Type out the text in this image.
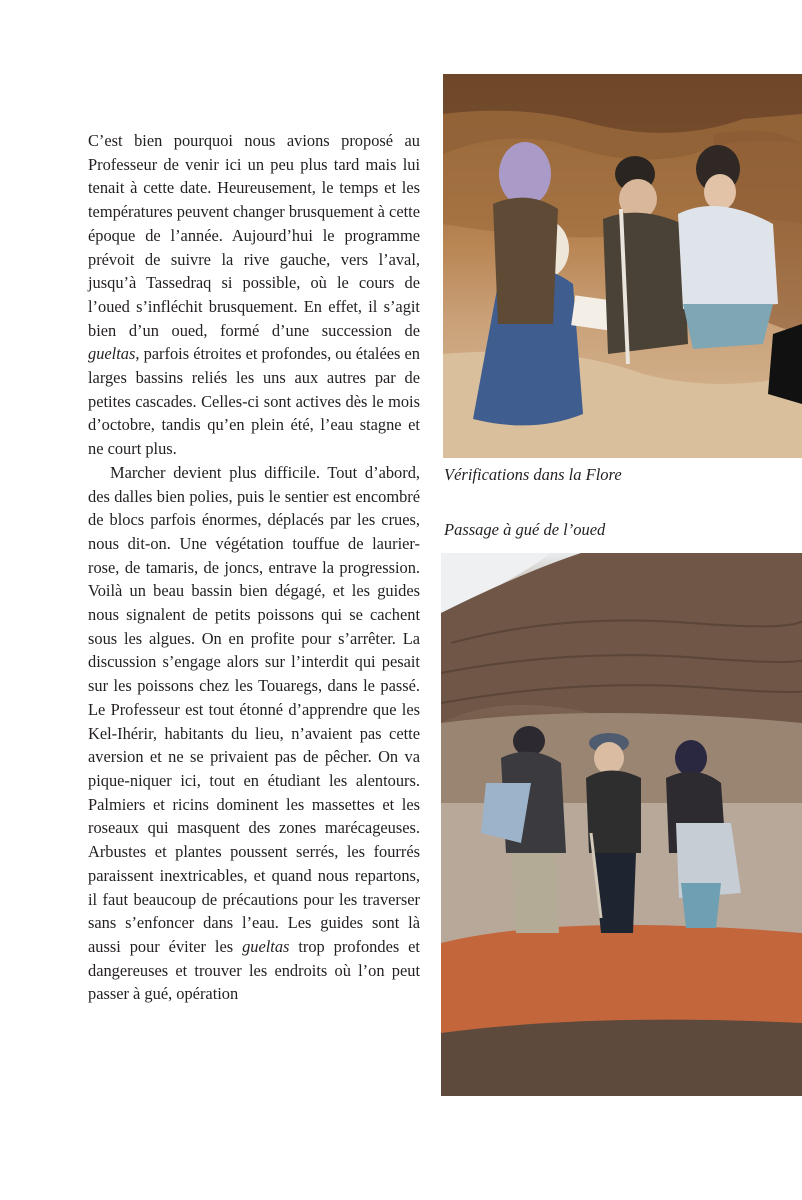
C’est bien pourquoi nous avions proposé au Professeur de venir ici un peu plus tard mais lui tenait à cette date. Heureusement, le temps et les températures peuvent changer brusquement à cette époque de l’année. Aujourd’hui le programme prévoit de suivre la rive gauche, vers l’aval, jusqu’à Tassedraq si possible, où le cours de l’oued s’infléchit brusquement. En effet, il s’agit bien d’un oued, formé d’une succession de gueltas, parfois étroites et profondes, ou étalées en larges bassins reliés les uns aux autres par de petites cascades. Celles-ci sont actives dès le mois d’octobre, tandis qu’en plein été, l’eau stagne et ne court plus.

Marcher devient plus difficile. Tout d’abord, des dalles bien polies, puis le sentier est encombré de blocs parfois énormes, déplacés par les crues, nous dit-on. Une végétation touffue de laurier-rose, de tamaris, de joncs, entrave la progression. Voilà un beau bassin bien dégagé, et les guides nous signalent de petits poissons qui se cachent sous les algues. On en profite pour s’arrêter. La discussion s’engage alors sur l’interdit qui pesait sur les poissons chez les Touaregs, dans le passé. Le Professeur est tout étonné d’apprendre que les Kel-Ihérir, habitants du lieu, n’avaient pas cette aversion et ne se privaient pas de pêcher. On va pique-niquer ici, tout en étudiant les alentours. Palmiers et ricins dominent les massettes et les roseaux qui masquent des zones marécageuses. Arbustes et plantes poussent serrés, les fourrés paraissent inextricables, et quand nous repartons, il faut beaucoup de précautions pour les traverser sans s’enfoncer dans l’eau. Les guides sont là aussi pour éviter les gueltas trop profondes et dangereuses et trouver les endroits où l’on peut passer à gué, opération

Vérifications dans la Flore
Passage à gué de l’oued
